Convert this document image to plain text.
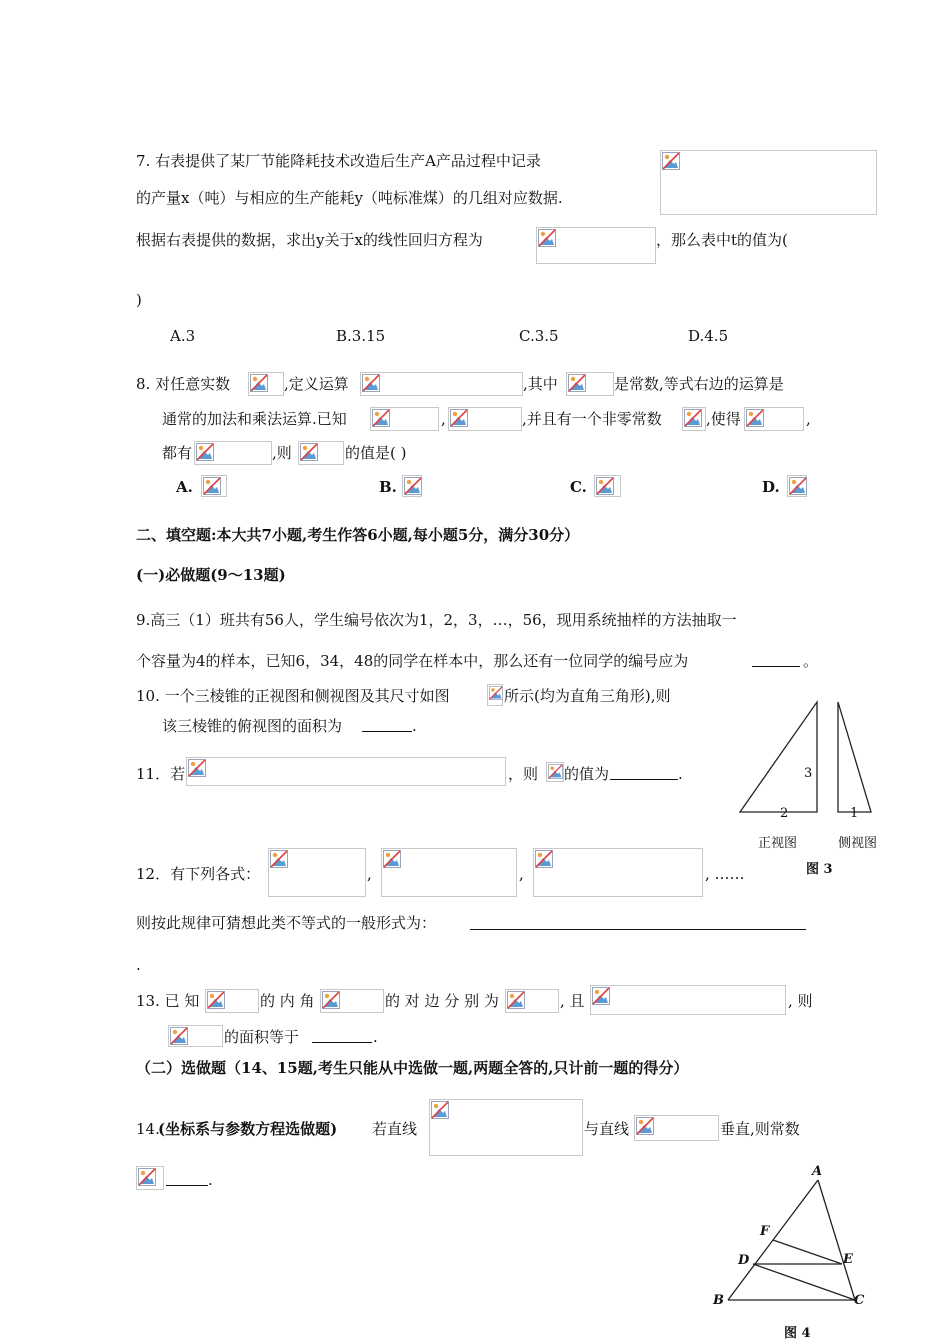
7. 右表提供了某厂节能降耗技术改造后生产A产品过程中记录
的产量x（吨）与相应的生产能耗y（吨标准煤）的几组对应数据.
根据右表提供的数据，求出y关于x的线性回归方程为	，那么表中t的值为(
)
A.3	B.3.15	C.3.5	D.4.5
8. 对任意实数	,定义运算	,其中	是常数,等式右边的运算是
通常的加法和乘法运算.已知	,	,并且有一个非零常数	,使得	,
都有	,则	的值是( )
A.	B.	C.	D.
二、填空题:本大共7小题,考生作答6小题,每小题5分，满分30分）
(一)必做题(9～13题)
9.高三（1）班共有56人，学生编号依次为1，2，3，…，56，现用系统抽样的方法抽取一
个容量为4的样本，已知6，34，48的同学在样本中，那么还有一位同学的编号应为	。
10. 一个三棱锥的正视图和侧视图及其尺寸如图	所示(均为直角三角形),则
该三棱锥的俯视图的面积为	.
3
2	1
正视图	侧视图
图 3
11．若	，则 的值为	.
12．有下列各式：	,	,	, ……
则按此规律可猜想此类不等式的一般形式为：
.
13. 已 知	的 内 角	的 对 边 分 别 为	, 且	, 则
的面积等于	.
（二）选做题（14、15题,考生只能从中选做一题,两题全答的,只计前一题的得分）
14.
(坐标系与参数方程选做题) 若直线	与直线	垂直,则常数
.	A
F
D	E
B	C
图 4
